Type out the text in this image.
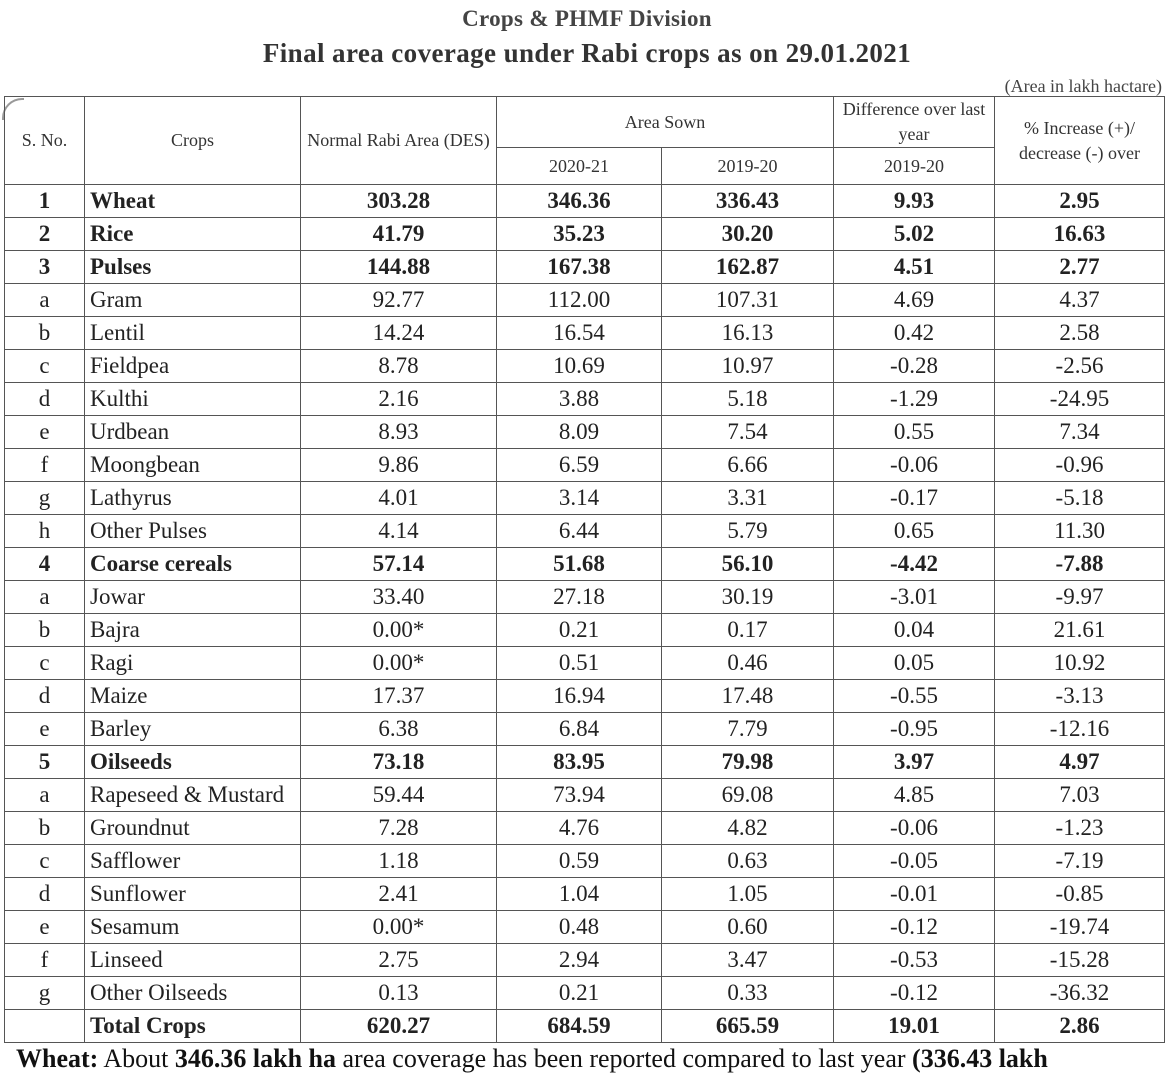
Crops & PHMF Division
Final area coverage under Rabi crops as on 29.01.2021
(Area in lakh hactare)
S. No.	Crops	Normal Rabi Area (DES)	Area Sown		Difference over last year	% Increase (+)/ decrease (-) over
			2020-21	2019-20	2019-20	
1	Wheat	303.28	346.36	336.43	9.93	2.95
2	Rice	41.79	35.23	30.20	5.02	16.63
3	Pulses	144.88	167.38	162.87	4.51	2.77
a	Gram	92.77	112.00	107.31	4.69	4.37
b	Lentil	14.24	16.54	16.13	0.42	2.58
c	Fieldpea	8.78	10.69	10.97	-0.28	-2.56
d	Kulthi	2.16	3.88	5.18	-1.29	-24.95
e	Urdbean	8.93	8.09	7.54	0.55	7.34
f	Moongbean	9.86	6.59	6.66	-0.06	-0.96
g	Lathyrus	4.01	3.14	3.31	-0.17	-5.18
h	Other Pulses	4.14	6.44	5.79	0.65	11.30
4	Coarse cereals	57.14	51.68	56.10	-4.42	-7.88
a	Jowar	33.40	27.18	30.19	-3.01	-9.97
b	Bajra	0.00*	0.21	0.17	0.04	21.61
c	Ragi	0.00*	0.51	0.46	0.05	10.92
d	Maize	17.37	16.94	17.48	-0.55	-3.13
e	Barley	6.38	6.84	7.79	-0.95	-12.16
5	Oilseeds	73.18	83.95	79.98	3.97	4.97
a	Rapeseed & Mustard	59.44	73.94	69.08	4.85	7.03
b	Groundnut	7.28	4.76	4.82	-0.06	-1.23
c	Safflower	1.18	0.59	0.63	-0.05	-7.19
d	Sunflower	2.41	1.04	1.05	-0.01	-0.85
e	Sesamum	0.00*	0.48	0.60	-0.12	-19.74
f	Linseed	2.75	2.94	3.47	-0.53	-15.28
g	Other Oilseeds	0.13	0.21	0.33	-0.12	-36.32
	Total Crops	620.27	684.59	665.59	19.01	2.86
Wheat: About 346.36 lakh ha area coverage has been reported compared to last year (336.43 lakh
